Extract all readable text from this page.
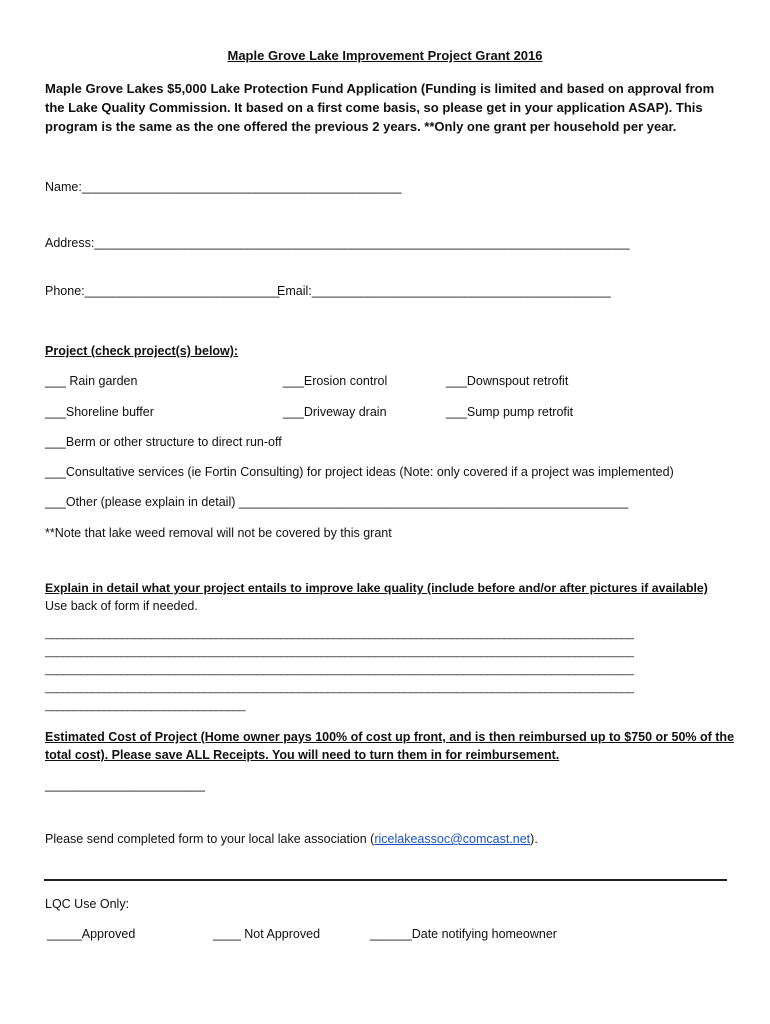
Maple Grove Lake Improvement Project Grant 2016
Maple Grove Lakes $5,000 Lake Protection Fund Application (Funding is limited and based on approval from the Lake Quality Commission. It based on a first come basis, so please get in your application ASAP). This program is the same as the one offered the previous 2 years. **Only one grant per household per year.
Name:______________________________________________
Address:_____________________________________________________________________________
Phone:____________________________
Email:___________________________________________
Project (check project(s) below):
___ Rain garden	___Erosion control	___Downspout retrofit
___Shoreline buffer	___Driveway drain	___Sump pump retrofit
___Berm or other structure to direct run-off
___Consultative services (ie Fortin Consulting) for project ideas (Note: only covered if a project was implemented)
___Other (please explain in detail) ________________________________________________________
**Note that lake weed removal will not be covered by this grant
Explain in detail what your project entails to improve lake quality (include before and/or after pictures if available)
Use back of form if needed.
____________________________________________________________________________________________________
____________________________________________________________________________________________________
____________________________________________________________________________________________________
____________________________________________________________________________________________________
__________________________________
Estimated Cost of Project (Home owner pays 100% of cost up front, and is then reimbursed up to $750 or 50% of the total cost). Please save ALL Receipts. You will need to turn them in for reimbursement.
_______________________
Please send completed form to your local lake association (ricelakeassoc@comcast.net).
LQC Use Only:
_____Approved	____ Not Approved	______Date notifying homeowner
